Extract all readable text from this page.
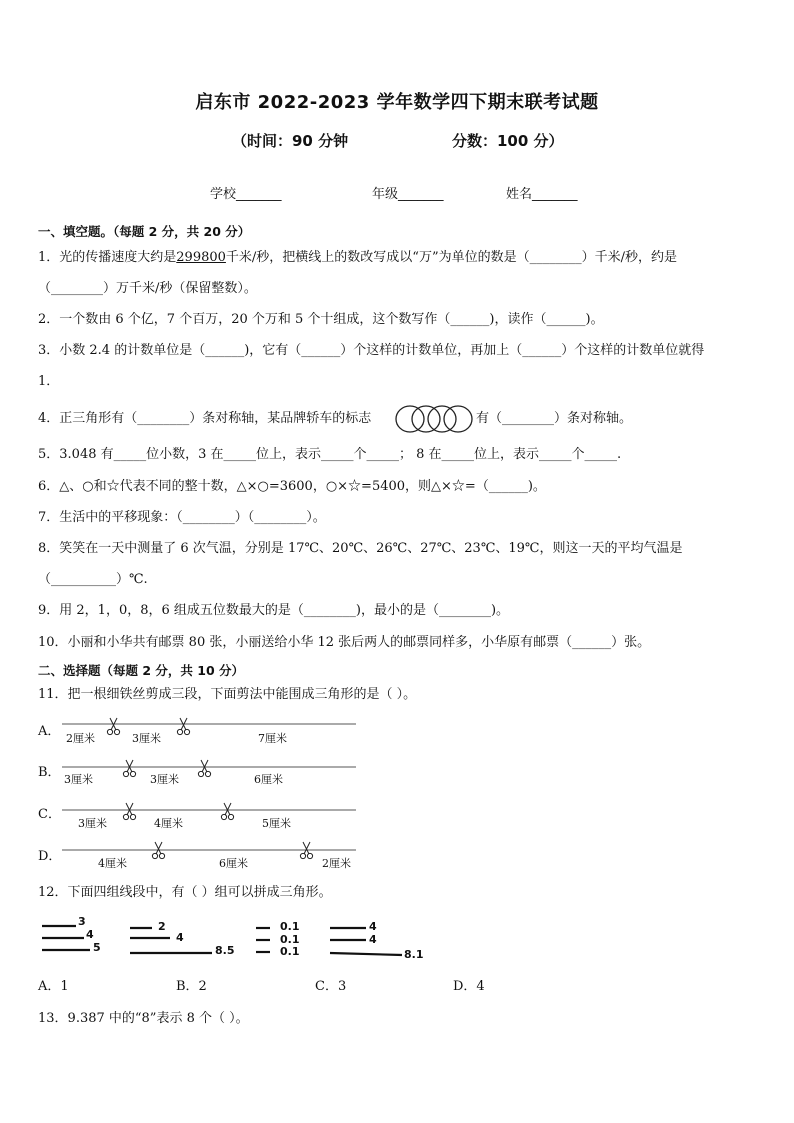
启东市 2022-2023 学年数学四下期末联考试题
（时间：90 分钟	分数：100 分）
学校_______	年级_______	姓名_______
一、填空题。（每题 2 分，共 20 分）
1．光的传播速度大约是299800千米/秒，把横线上的数改写成以“万”为单位的数是（________）千米/秒，约是
（________）万千米/秒（保留整数）。
2．一个数由 6 个亿，7 个百万，20 个万和 5 个十组成，这个数写作（______)，读作（______)。
3．小数 2.4 的计数单位是（______)，它有（______）个这样的计数单位，再加上（______）个这样的计数单位就得
1．
4．正三角形有（________）条对称轴，某品牌轿车的标志	有（________）条对称轴。
5．3.048 有_____位小数，3 在_____位上，表示_____个_____； 8 在_____位上，表示_____个_____.
6．△、○和☆代表不同的整十数，△×○=3600，○×☆=5400，则△×☆=（______)。
7．生活中的平移现象：（________）（________）。
8．笑笑在一天中测量了 6 次气温，分别是 17℃、20℃、26℃、27℃、23℃、19℃，则这一天的平均气温是
（__________）℃.
9．用 2，1，0，8，6 组成五位数最大的是（________)，最小的是（________)。
10．小丽和小华共有邮票 80 张，小丽送给小华 12 张后两人的邮票同样多，小华原有邮票（______）张。
二、选择题（每题 2 分，共 10 分）
11．把一根细铁丝剪成三段，下面剪法中能围成三角形的是（ ）。
A． 2厘米	3厘米	7厘米
B． 3厘米	3厘米	6厘米
C．
3厘米	4厘米	5厘米
D．	4厘米	6厘米	2厘米
12．下面四组线段中，有（ ）组可以拼成三角形。
3
4
5
2
4
8.5
0.1
0.1
0.1
4
4
8.1
A．1	B．2	C．3	D．4
13．9.387 中的“8”表示 8 个（ ）。
